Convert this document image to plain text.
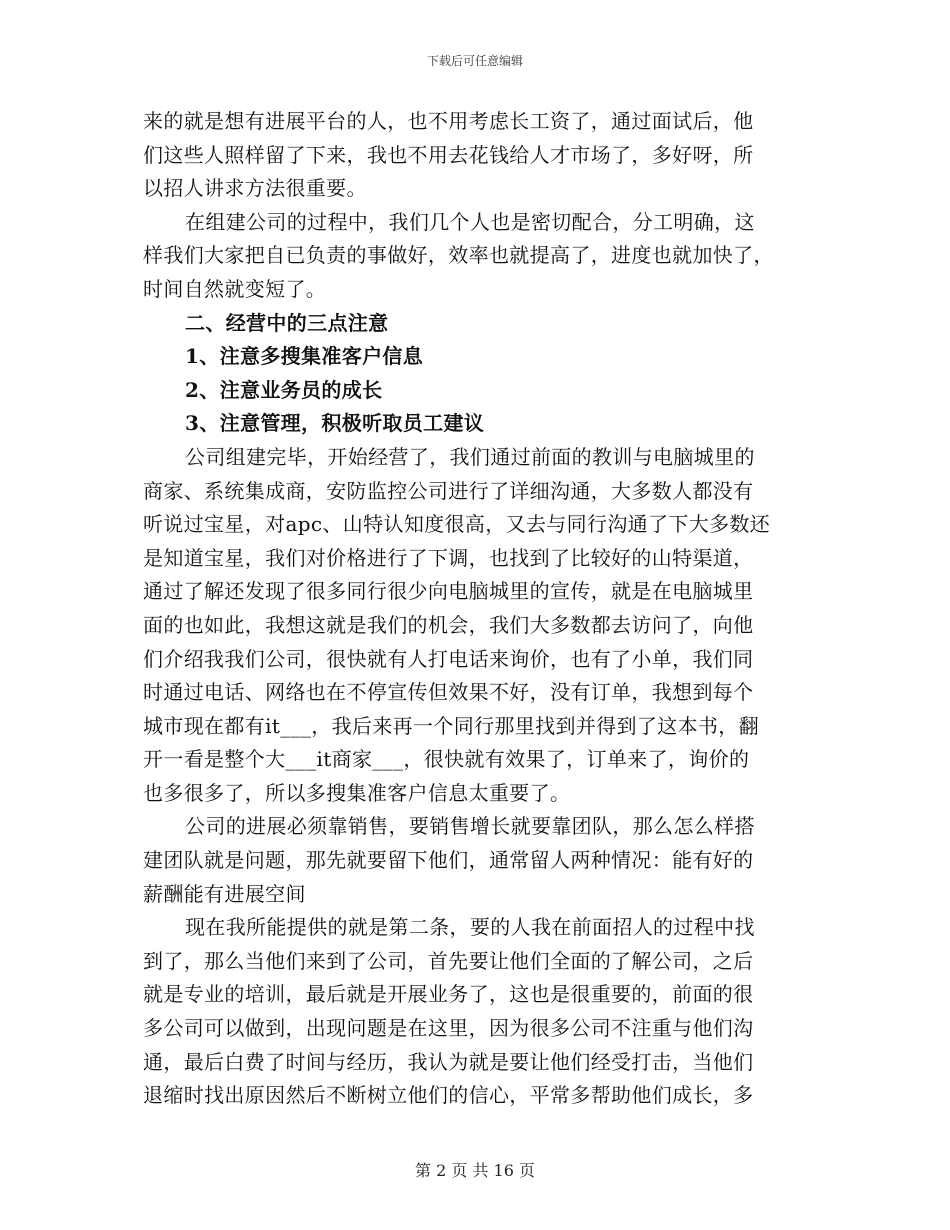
下载后可任意编辑
来的就是想有进展平台的人，也不用考虑长工资了，通过面试后，他
们这些人照样留了下来，我也不用去花钱给人才市场了，多好呀，所
以招人讲求方法很重要。
在组建公司的过程中，我们几个人也是密切配合，分工明确，这
样我们大家把自已负责的事做好，效率也就提高了，进度也就加快了，
时间自然就变短了。
二、经营中的三点注意
1、注意多搜集准客户信息
2、注意业务员的成长
3、注意管理，积极听取员工建议
公司组建完毕，开始经营了，我们通过前面的教训与电脑城里的
商家、系统集成商，安防监控公司进行了详细沟通，大多数人都没有
听说过宝星，对apc、山特认知度很高，又去与同行沟通了下大多数还
是知道宝星，我们对价格进行了下调，也找到了比较好的山特渠道，
通过了解还发现了很多同行很少向电脑城里的宣传，就是在电脑城里
面的也如此，我想这就是我们的机会，我们大多数都去访问了，向他
们介绍我我们公司，很快就有人打电话来询价，也有了小单，我们同
时通过电话、网络也在不停宣传但效果不好，没有订单，我想到每个
城市现在都有it___，我后来再一个同行那里找到并得到了这本书，翻
开一看是整个大___it商家___，很快就有效果了，订单来了，询价的
也多很多了，所以多搜集准客户信息太重要了。
公司的进展必须靠销售，要销售增长就要靠团队，那么怎么样搭
建团队就是问题，那先就要留下他们，通常留人两种情况：能有好的
薪酬能有进展空间
现在我所能提供的就是第二条，要的人我在前面招人的过程中找
到了，那么当他们来到了公司，首先要让他们全面的了解公司，之后
就是专业的培训，最后就是开展业务了，这也是很重要的，前面的很
多公司可以做到，出现问题是在这里，因为很多公司不注重与他们沟
通，最后白费了时间与经历，我认为就是要让他们经受打击，当他们
退缩时找出原因然后不断树立他们的信心，平常多帮助他们成长，多
第 2 页 共 16 页
